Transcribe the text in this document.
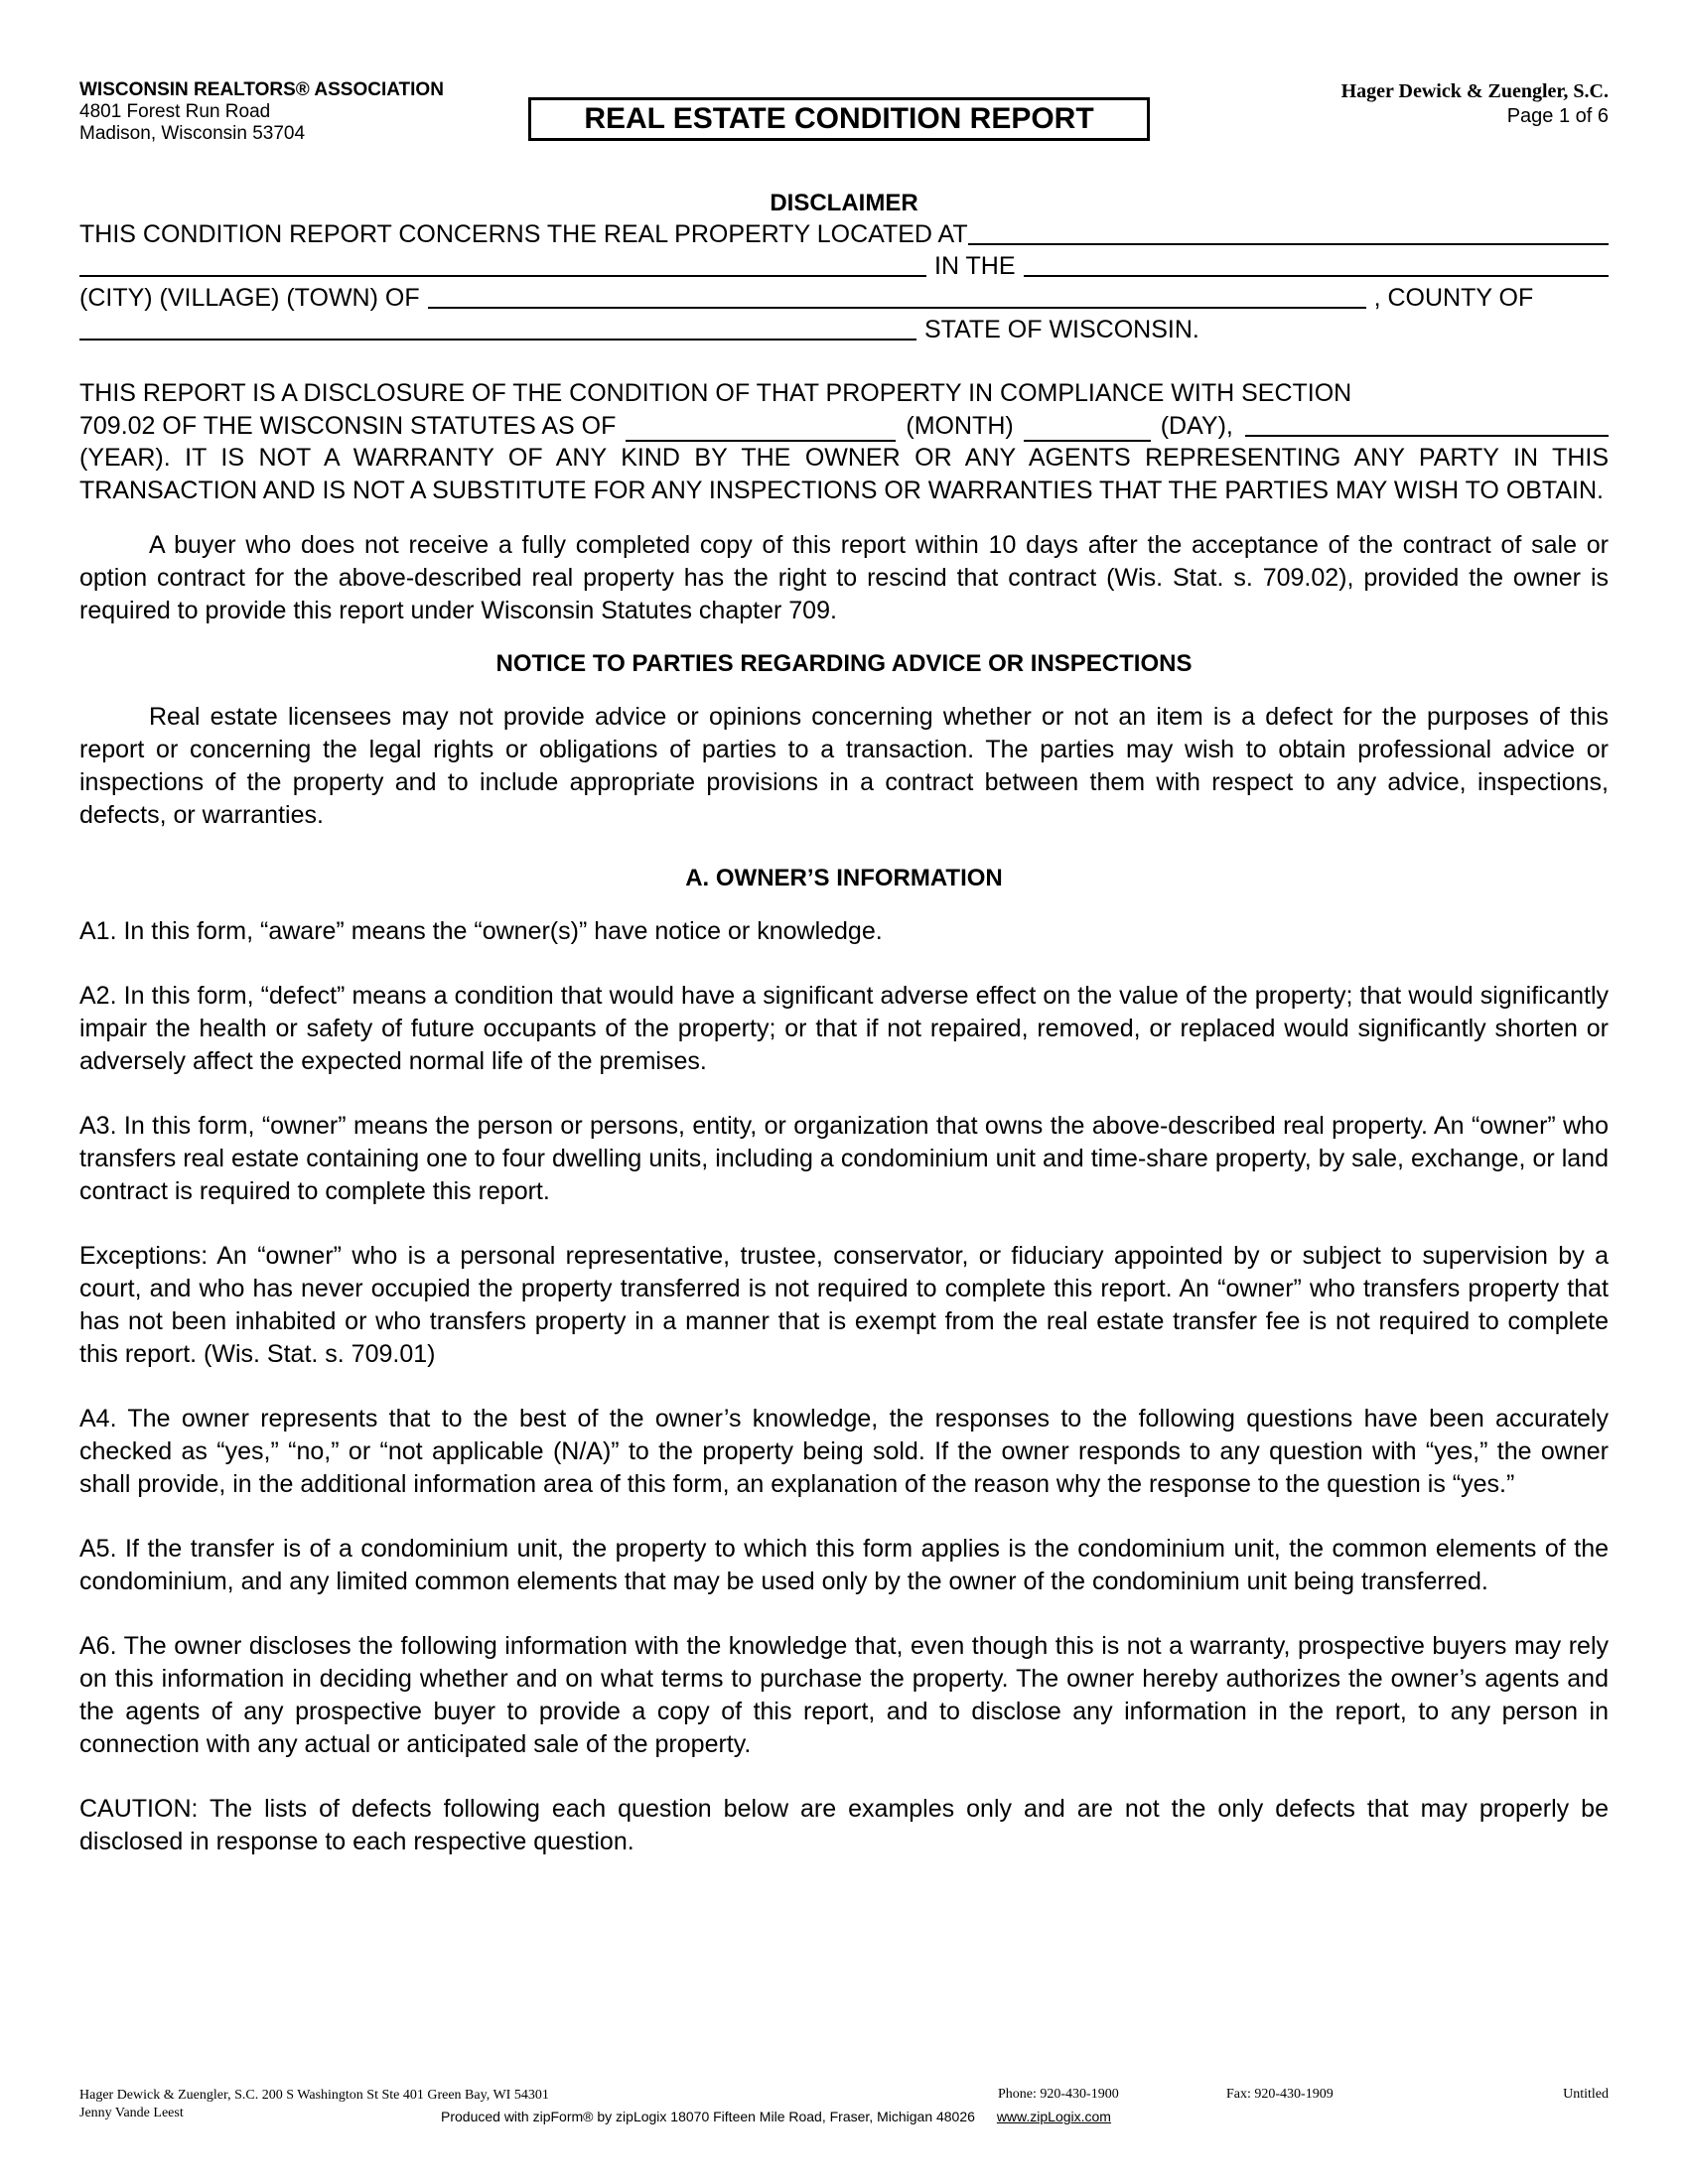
WISCONSIN REALTORS® ASSOCIATION
4801 Forest Run Road
Madison, Wisconsin 53704	REAL ESTATE CONDITION REPORT
Hager Dewick & Zuengler, S.C.
Page 1 of 6
DISCLAIMER
THIS CONDITION REPORT CONCERNS THE REAL PROPERTY LOCATED AT
IN THE
(CITY) (VILLAGE) (TOWN) OF	, COUNTY OF
STATE OF WISCONSIN.

THIS REPORT IS A DISCLOSURE OF THE CONDITION OF THAT PROPERTY IN COMPLIANCE WITH SECTION

709.02 OF THE WISCONSIN STATUTES AS OF	(MONTH)	(DAY),

(YEAR). IT IS NOT A WARRANTY OF ANY KIND BY THE OWNER OR ANY AGENTS REPRESENTING ANY PARTY IN THIS TRANSACTION AND IS NOT A SUBSTITUTE FOR ANY INSPECTIONS OR WARRANTIES THAT THE PARTIES MAY WISH TO OBTAIN.

A buyer who does not receive a fully completed copy of this report within 10 days after the acceptance of the contract of sale or option contract for the above-described real property has the right to rescind that contract (Wis. Stat. s. 709.02), provided the owner is required to provide this report under Wisconsin Statutes chapter 709.

NOTICE TO PARTIES REGARDING ADVICE OR INSPECTIONS

Real estate licensees may not provide advice or opinions concerning whether or not an item is a defect for the purposes of this report or concerning the legal rights or obligations of parties to a transaction. The parties may wish to obtain professional advice or inspections of the property and to include appropriate provisions in a contract between them with respect to any advice, inspections, defects, or warranties.

A. OWNER’S INFORMATION

A1. In this form, “aware” means the “owner(s)” have notice or knowledge.

A2. In this form, “defect” means a condition that would have a significant adverse effect on the value of the property; that would significantly impair the health or safety of future occupants of the property; or that if not repaired, removed, or replaced would significantly shorten or adversely affect the expected normal life of the premises.

A3. In this form, “owner” means the person or persons, entity, or organization that owns the above-described real property. An “owner” who transfers real estate containing one to four dwelling units, including a condominium unit and time-share property, by sale, exchange, or land contract is required to complete this report.

Exceptions: An “owner” who is a personal representative, trustee, conservator, or fiduciary appointed by or subject to supervision by a court, and who has never occupied the property transferred is not required to complete this report. An “owner” who transfers property that has not been inhabited or who transfers property in a manner that is exempt from the real estate transfer fee is not required to complete this report. (Wis. Stat. s. 709.01)

A4. The owner represents that to the best of the owner’s knowledge, the responses to the following questions have been accurately checked as “yes,” “no,” or “not applicable (N/A)” to the property being sold. If the owner responds to any question with “yes,” the owner shall provide, in the additional information area of this form, an explanation of the reason why the response to the question is “yes.”

A5. If the transfer is of a condominium unit, the property to which this form applies is the condominium unit, the common elements of the condominium, and any limited common elements that may be used only by the owner of the condominium unit being transferred.

A6. The owner discloses the following information with the knowledge that, even though this is not a warranty, prospective buyers may rely on this information in deciding whether and on what terms to purchase the property. The owner hereby authorizes the owner’s agents and the agents of any prospective buyer to provide a copy of this report, and to disclose any information in the report, to any person in connection with any actual or anticipated sale of the property.

CAUTION: The lists of defects following each question below are examples only and are not the only defects that may properly be disclosed in response to each respective question.

Hager Dewick & Zuengler, S.C. 200 S Washington St Ste 401 Green Bay, WI 54301
Jenny Vande Leest
Phone: 920-430-1900	Fax: 920-430-1909	Untitled
Produced with zipForm® by zipLogix 18070 Fifteen Mile Road, Fraser, Michigan 48026 www.zipLogix.com
